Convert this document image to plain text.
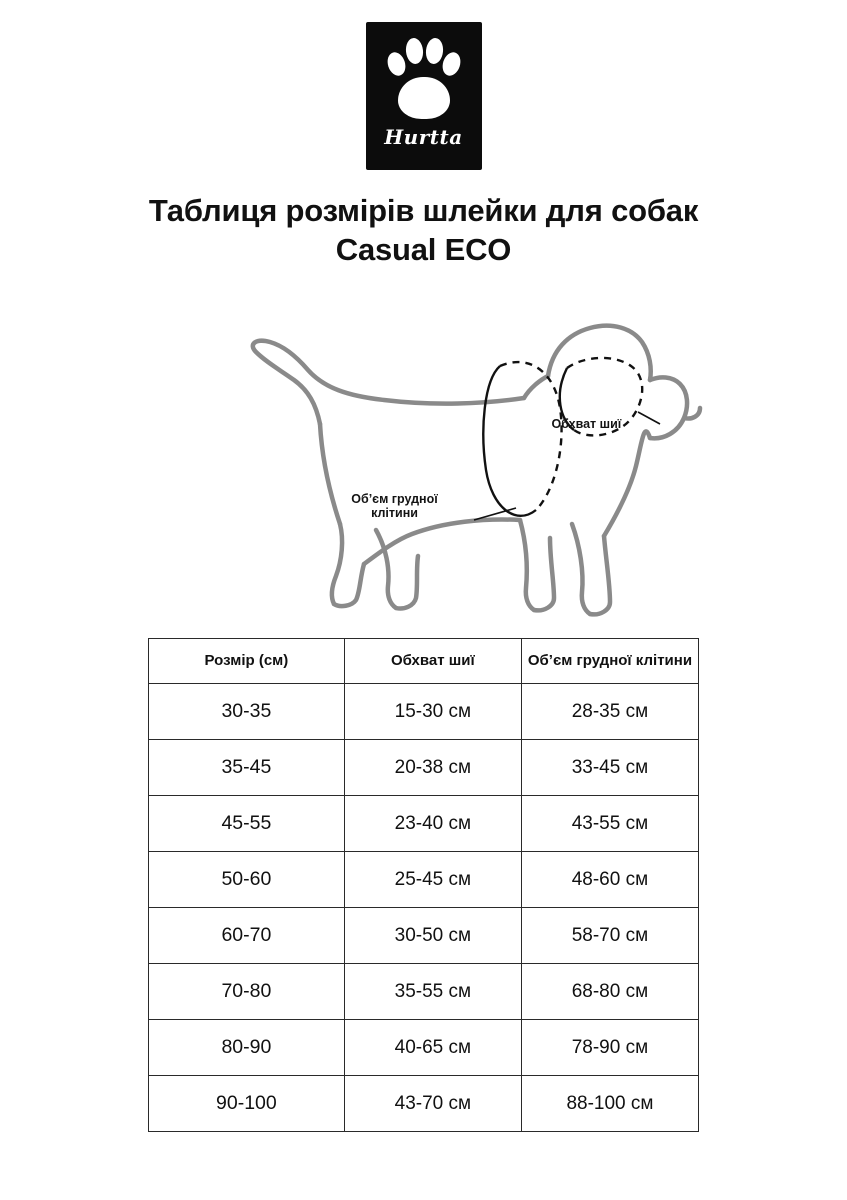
Hurtta
Таблиця розмірів шлейки для собак Casual ECO
Обхват шиї
Об’єм грудної клітини
Розмір (см)	Обхват шиї	Об’єм грудної клітини
30-35	15-30 см	28-35 см
35-45	20-38 см	33-45 см
45-55	23-40 см	43-55 см
50-60	25-45 см	48-60 см
60-70	30-50 см	58-70 см
70-80	35-55 см	68-80 см
80-90	40-65 см	78-90 см
90-100	43-70 см	88-100 см
